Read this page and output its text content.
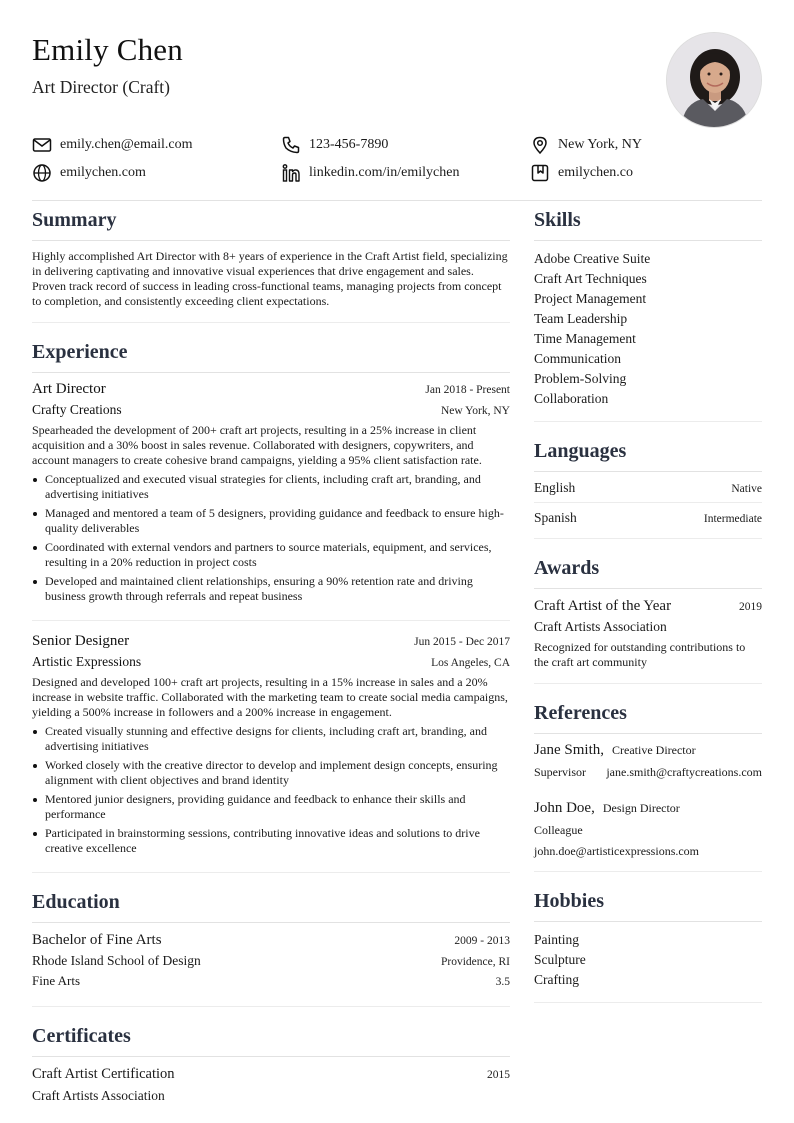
Emily Chen
Art Director (Craft)
emily.chen@email.com	123-456-7890	New York, NY
emilychen.com	linkedin.com/in/emilychen	emilychen.co
Summary

Highly accomplished Art Director with 8+ years of experience in the Craft Artist field, specializing in delivering captivating and innovative visual experiences that drive engagement and sales. Proven track record of success in leading cross-functional teams, managing projects from concept to completion, and consistently exceeding client expectations.

Experience
Art Director	Jan 2018 - Present
Crafty Creations	New York, NY

Spearheaded the development of 200+ craft art projects, resulting in a 25% increase in client acquisition and a 30% boost in sales revenue. Collaborated with designers, copywriters, and account managers to create cohesive brand campaigns, yielding a 95% client satisfaction rate.

Conceptualized and executed visual strategies for clients, including craft art, branding, and advertising initiatives
Managed and mentored a team of 5 designers, providing guidance and feedback to ensure high-quality deliverables
Coordinated with external vendors and partners to source materials, equipment, and services, resulting in a 20% reduction in project costs
Developed and maintained client relationships, ensuring a 90% retention rate and driving business growth through referrals and repeat business
Senior Designer	Jun 2015 - Dec 2017
Artistic Expressions	Los Angeles, CA

Designed and developed 100+ craft art projects, resulting in a 15% increase in sales and a 20% increase in website traffic. Collaborated with the marketing team to create social media campaigns, yielding a 500% increase in followers and a 200% increase in engagement.

Created visually stunning and effective designs for clients, including craft art, branding, and advertising initiatives
Worked closely with the creative director to develop and implement design concepts, ensuring alignment with client objectives and brand identity
Mentored junior designers, providing guidance and feedback to enhance their skills and performance
Participated in brainstorming sessions, contributing innovative ideas and solutions to drive creative excellence
Education
Bachelor of Fine Arts	2009 - 2013
Rhode Island School of Design	Providence, RI
Fine Arts	3.5
Certificates
Craft Artist Certification	2015
Craft Artists Association
Skills
Adobe Creative Suite
Craft Art Techniques
Project Management
Team Leadership
Time Management
Communication
Problem-Solving
Collaboration
Languages
English	Native
Spanish	Intermediate
Awards
Craft Artist of the Year	2019
Craft Artists Association
Recognized for outstanding contributions to the craft art community
References
Jane Smith, Creative Director
Supervisor jane.smith@craftycreations.com
John Doe, Design Director
Colleague
john.doe@artisticexpressions.com
Hobbies
Painting
Sculpture
Crafting
